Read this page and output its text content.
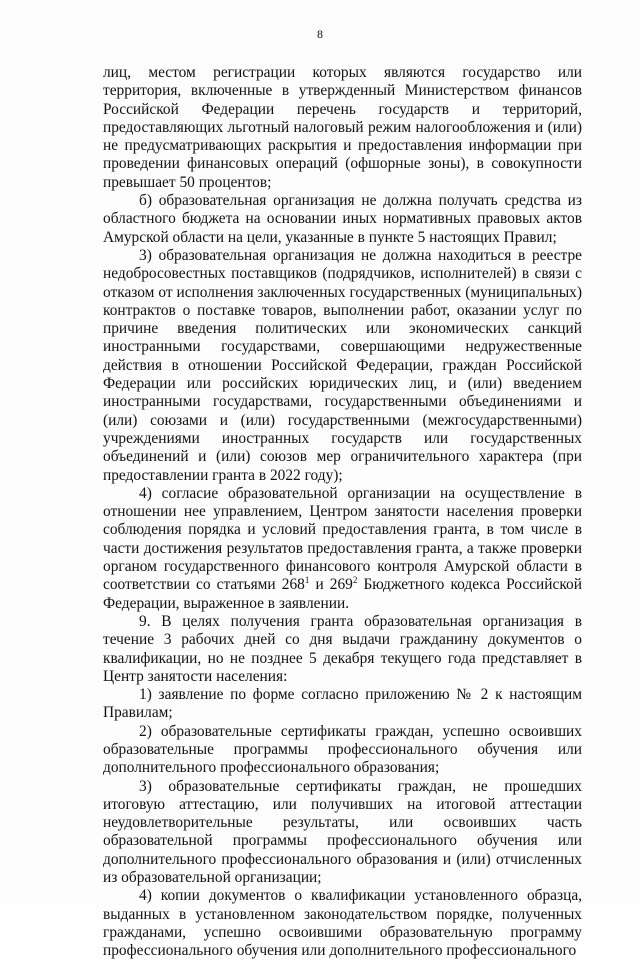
8

лиц, местом регистрации которых являются государство или территория, включенные в утвержденный Министерством финансов Российской Федерации перечень государств и территорий, предоставляющих льготный налоговый режим налогообложения и (или) не предусматривающих раскрытия и предоставления информации при проведении финансовых операций (офшорные зоны), в совокупности превышает 50 процентов;

б) образовательная организация не должна получать средства из областного бюджета на основании иных нормативных правовых актов Амурской области на цели, указанные в пункте 5 настоящих Правил;

3) образовательная организация не должна находиться в реестре недобросовестных поставщиков (подрядчиков, исполнителей) в связи с отказом от исполнения заключенных государственных (муниципальных) контрактов о поставке товаров, выполнении работ, оказании услуг по причине введения политических или экономических санкций иностранными государствами, совершающими недружественные действия в отношении Российской Федерации, граждан Российской Федерации или российских юридических лиц, и (или) введением иностранными государствами, государственными объединениями и (или) союзами и (или) государственными (межгосударственными) учреждениями иностранных государств или государственных объединений и (или) союзов мер ограничительного характера (при предоставлении гранта в 2022 году);

4) согласие образовательной организации на осуществление в отношении нее управлением, Центром занятости населения проверки соблюдения порядка и условий предоставления гранта, в том числе в части достижения результатов предоставления гранта, а также проверки органом государственного финансового контроля Амурской области в соответствии со статьями $268^1$ и $269^2$ Бюджетного кодекса Российской Федерации, выраженное в заявлении.

9. В целях получения гранта образовательная организация в течение 3 рабочих дней со дня выдачи гражданину документов о квалификации, но не позднее 5 декабря текущего года представляет в Центр занятости населения:

1) заявление по форме согласно приложению № 2 к настоящим Правилам;

2) образовательные сертификаты граждан, успешно освоивших образовательные программы профессионального обучения или дополнительного профессионального образования;

3) образовательные сертификаты граждан, не прошедших итоговую аттестацию, или получивших на итоговой аттестации неудовлетворительные результаты, или освоивших часть образовательной программы профессионального обучения или дополнительного профессионального образования и (или) отчисленных из образовательной организации;

4) копии документов о квалификации установленного образца, выданных в установленном законодательством порядке, полученных гражданами, успешно освоившими образовательную программу профессионального обучения или дополнительного профессионального
